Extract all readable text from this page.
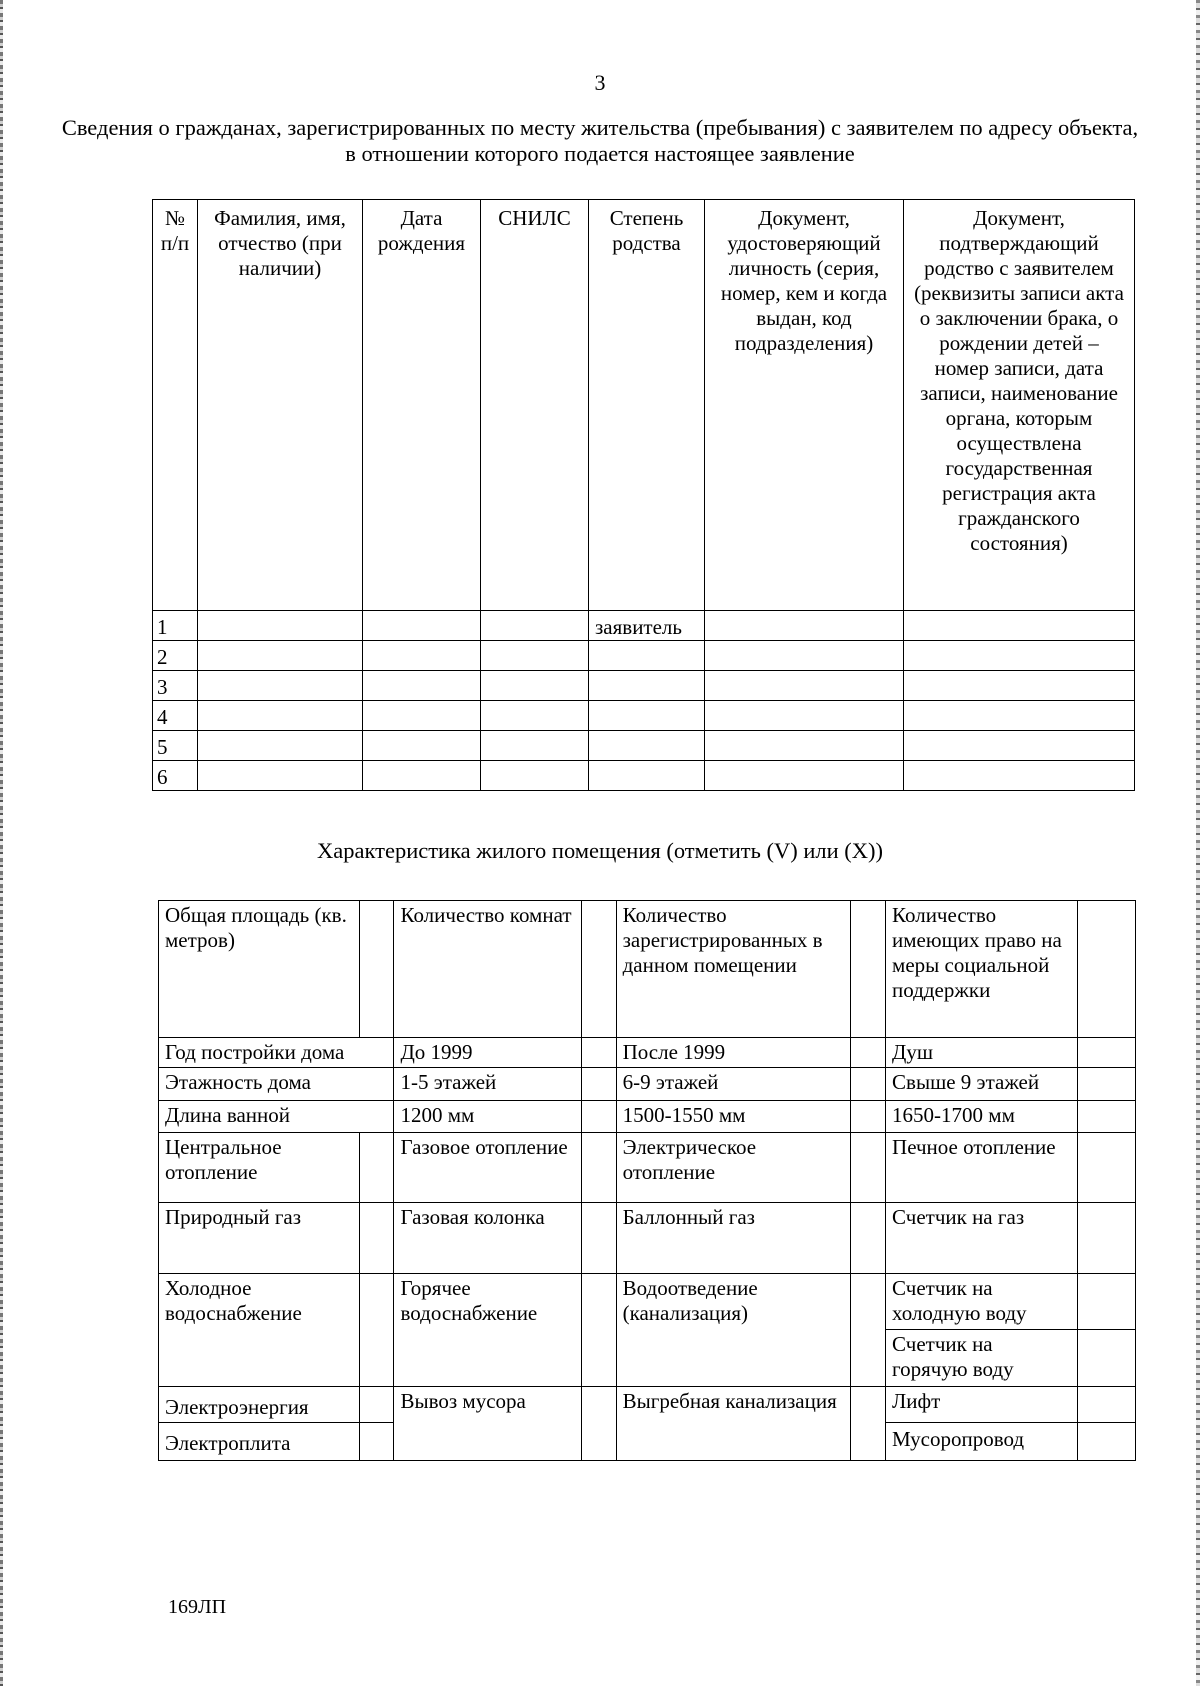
3
Сведения о гражданах, зарегистрированных по месту жительства (пребывания) с заявителем по адресу объекта, в отношении которого подается настоящее заявление
№ п/п	Фамилия, имя, отчество (при наличии)	Дата рождения	СНИЛС	Степень родства	Документ, удостоверяющий личность (серия, номер, кем и когда выдан, код подразделения)	Документ, подтверждающий родство с заявителем (реквизиты записи акта о заключении брака, о рождении детей – номер записи, дата записи, наименование органа, которым осуществлена государственная регистрация акта гражданского состояния)
1				заявитель		
2						
3						
4						
5						
6						
Характеристика жилого помещения (отметить (V) или (X))
Общая площадь (кв. метров)		Количество комнат		Количество зарегистрированных в данном помещении		Количество имеющих право на меры социальной поддержки	
Год постройки дома		До 1999		После 1999		Душ	
Этажность дома		1-5 этажей		6-9 этажей		Свыше 9 этажей	
Длина ванной		1200 мм		1500-1550 мм		1650-1700 мм	
Центральное отопление		Газовое отопление		Электрическое отопление		Печное отопление	
Природный газ		Газовая колонка		Баллонный газ		Счетчик на газ	
Холодное водоснабжение		Горячее водоснабжение		Водоотведение (канализация)		Счетчик на холодную воду	
						Счетчик на горячую воду	
Электроэнергия		Вывоз мусора		Выгребная канализация		Лифт	
Электроплита						Мусоропровод	
169ЛП
